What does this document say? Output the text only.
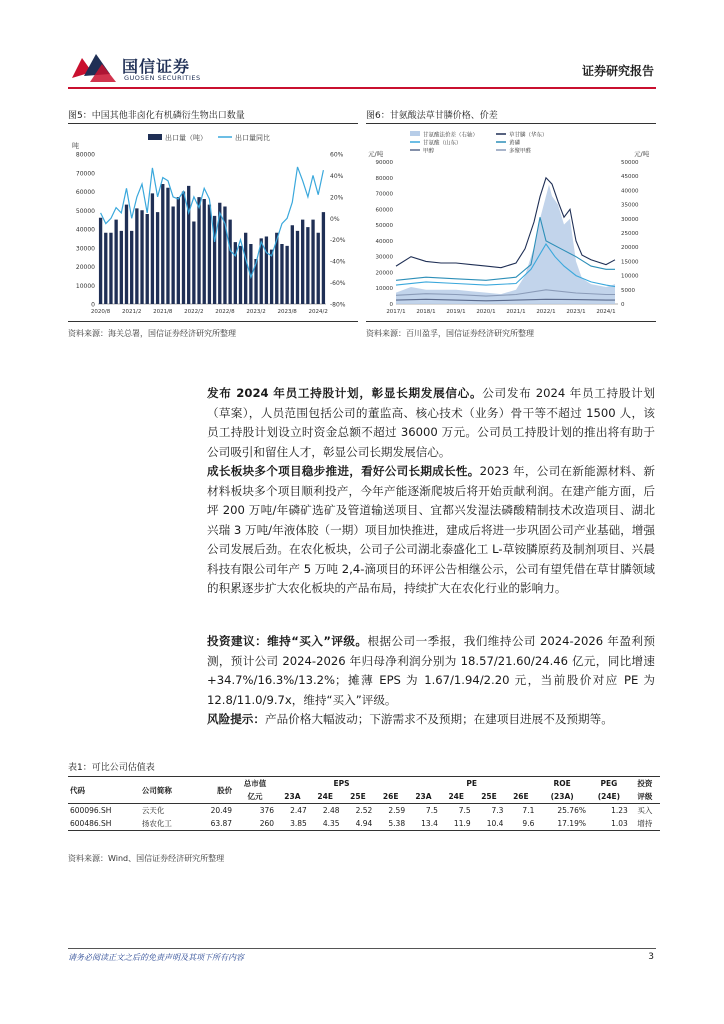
国信证券
GUOSEN SECURITIES	证券研究报告
图5：中国其他非卤化有机磷衍生物出口数量
吨
出口量（吨）	出口量同比
0
10000
20000
30000
40000
50000
60000
70000
80000
-80%
-60%
-40%
-20%
0%
20%
40%
60%
2020/8 2021/2 2021/8 2022/2 2022/8 2023/2 2023/8 2024/2
资料来源：海关总署，国信证券经济研究所整理
图6：甘氨酸法草甘膦价格、价差
元/吨	元/吨
甘氨酸法价差（右轴）	草甘膦（华东）
甘氨酸（山东）	黄磷
甲醇	多聚甲醛
0
10000
20000
30000
40000
50000
60000
70000
80000
90000
0
5000
10000
15000
20000
25000
30000
35000
40000
45000
50000
2017/1 2018/1 2019/1 2020/1 2021/1 2022/1 2023/1 2024/1
资料来源：百川盈孚，国信证券经济研究所整理
发布 2024 年员工持股计划，彰显长期发展信心。公司发布 2024 年员工持股计划（草案），人员范围包括公司的董监高、核心技术（业务）骨干等不超过 1500 人，该员工持股计划设立时资金总额不超过 36000 万元。公司员工持股计划的推出将有助于公司吸引和留住人才，彰显公司长期发展信心。
成长板块多个项目稳步推进，看好公司长期成长性。2023 年，公司在新能源材料、新材料板块多个项目顺利投产，今年产能逐渐爬坡后将开始贡献利润。在建产能方面，后坪 200 万吨/年磷矿选矿及管道输送项目、宜都兴发湿法磷酸精制技术改造项目、湖北兴瑞 3 万吨/年液体胶（一期）项目加快推进，建成后将进一步巩固公司产业基础，增强公司发展后劲。在农化板块，公司子公司湖北泰盛化工 L-草铵膦原药及制剂项目、兴晨科技有限公司年产 5 万吨 2,4-滴项目的环评公告相继公示，公司有望凭借在草甘膦领域的积累逐步扩大农化板块的产品布局，持续扩大在农化行业的影响力。
投资建议：维持“买入”评级。根据公司一季报，我们维持公司 2024-2026 年盈利预测，预计公司 2024-2026 年归母净利润分别为 18.57/21.60/24.46 亿元，同比增速+34.7%/16.3%/13.2%；摊薄 EPS 为 1.67/1.94/2.20 元，当前股价对应 PE 为 12.8/11.0/9.7x，维持“买入”评级。
风险提示：产品价格大幅波动；下游需求不及预期；在建项目进展不及预期等。
表1：可比公司估值表
代码	公司简称	股价	总市值	EPS				PE				ROE	PEG	投资
			亿元	23A	24E	25E	26E	23A	24E	25E	26E	(23A)	(24E)	评级
600096.SH	云天化	20.49	376	2.47	2.48	2.52	2.59	7.5	7.5	7.3	7.1	25.76%	1.23	买入
600486.SH	扬农化工	63.87	260	3.85	4.35	4.94	5.38	13.4	11.9	10.4	9.6	17.19%	1.03	增持
资料来源：Wind、国信证券经济研究所整理
请务必阅读正文之后的免责声明及其项下所有内容	3
